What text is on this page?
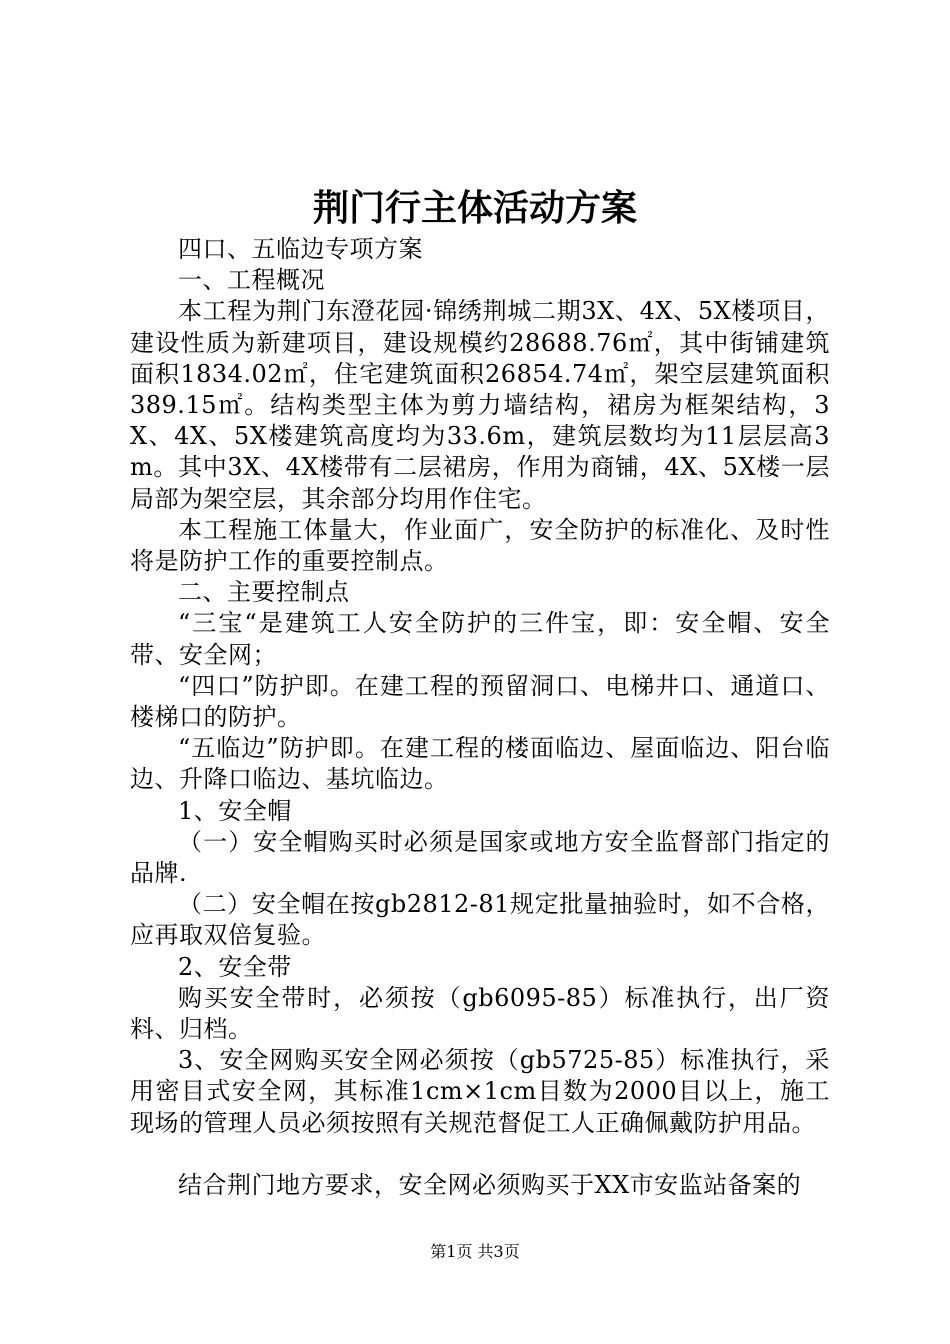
荆门行主体活动方案

四口、五临边专项方案

一、工程概况

本工程为荆门东澄花园·锦绣荆城二期3X、4X、5X楼项目，建设性质为新建项目，建设规模约28688.76㎡，其中街铺建筑面积1834.02㎡，住宅建筑面积26854.74㎡，架空层建筑面积389.15㎡。结构类型主体为剪力墙结构，裙房为框架结构，3X、4X、5X楼建筑高度均为33.6m，建筑层数均为11层层高3m。其中3X、4X楼带有二层裙房，作用为商铺，4X、5X楼一层局部为架空层，其余部分均用作住宅。

本工程施工体量大，作业面广，安全防护的标准化、及时性将是防护工作的重要控制点。

二、主要控制点

“三宝“是建筑工人安全防护的三件宝，即：安全帽、安全带、安全网；

“四口”防护即。在建工程的预留洞口、电梯井口、通道口、楼梯口的防护。

“五临边”防护即。在建工程的楼面临边、屋面临边、阳台临边、升降口临边、基坑临边。

1、安全帽

（一）安全帽购买时必须是国家或地方安全监督部门指定的品牌.

（二）安全帽在按gb2812-81规定批量抽验时，如不合格，应再取双倍复验。

2、安全带

购买安全带时，必须按（gb6095-85）标准执行，出厂资料、归档。

3、安全网购买安全网必须按（gb5725-85）标准执行，采用密目式安全网，其标准1cm×1cm目数为2000目以上，施工现场的管理人员必须按照有关规范督促工人正确佩戴防护用品。

结合荆门地方要求，安全网必须购买于XX市安监站备案的

第1页 共3页
